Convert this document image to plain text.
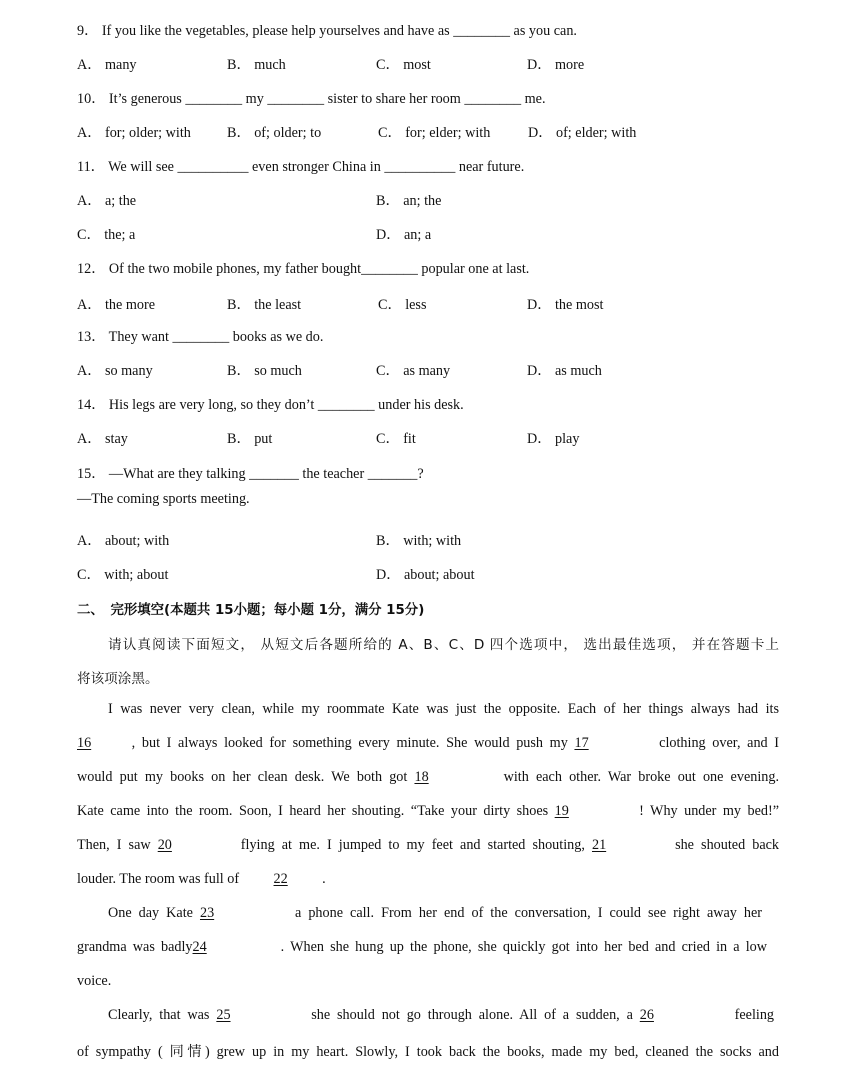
9． If you like the vegetables, please help yourselves and have as ________ as you can.
A． many	B． much	C． most	D． more
10． It’s generous ________ my ________ sister to share her room ________ me.
A． for; older; with	B． of; older; to	C． for; elder; with	D． of; elder; with
11． We will see __________ even stronger China in __________ near future.
A． a; the	B． an; the
C． the; a	D． an; a
12． Of the two mobile phones, my father bought________ popular one at last.
A． the more	B． the least	C． less	D． the most
13． They want ________ books as we do.
A． so many	B． so much	C． as many	D． as much
14． His legs are very long, so they don’t ________ under his desk.
A． stay	B． put	C． fit	D． play
15． —What are they talking _______ the teacher _______?
—The coming sports meeting.
A． about; with	B． with; with
C． with; about	D． about; about
二、　完形填空(本题共 15小题；每小题 1分，满分 15分)
请认真阅读下面短文， 从短文后各题所给的 A、B、C、D 四个选项中， 选出最佳选项， 并在答题卡上
将该项涂黑。
I was never very clean, while my roommate Kate was just the opposite. Each of her things always had its
16	, but I always looked for something every minute. She would push my 17	clothing over, and I
would put my books on her clean desk. We both got 18	with each other. War broke out one evening.
Kate came into the room. Soon, I heard her shouting. “Take your dirty shoes 19	! Why under my bed!”
Then, I saw 20	flying at me. I jumped to my feet and started shouting, 21	she shouted back
louder. The room was full of 22 .
One day Kate 23	a phone call. From her end of the conversation, I could see right away her
grandma was badly24	. When she hung up the phone, she quickly got into her bed and cried in a low
voice.
Clearly, that was 25	she should not go through alone. All of a sudden, a 26	feeling
of sympathy ( 同情) grew up in my heart. Slowly, I took back the books, made my bed, cleaned the socks and
